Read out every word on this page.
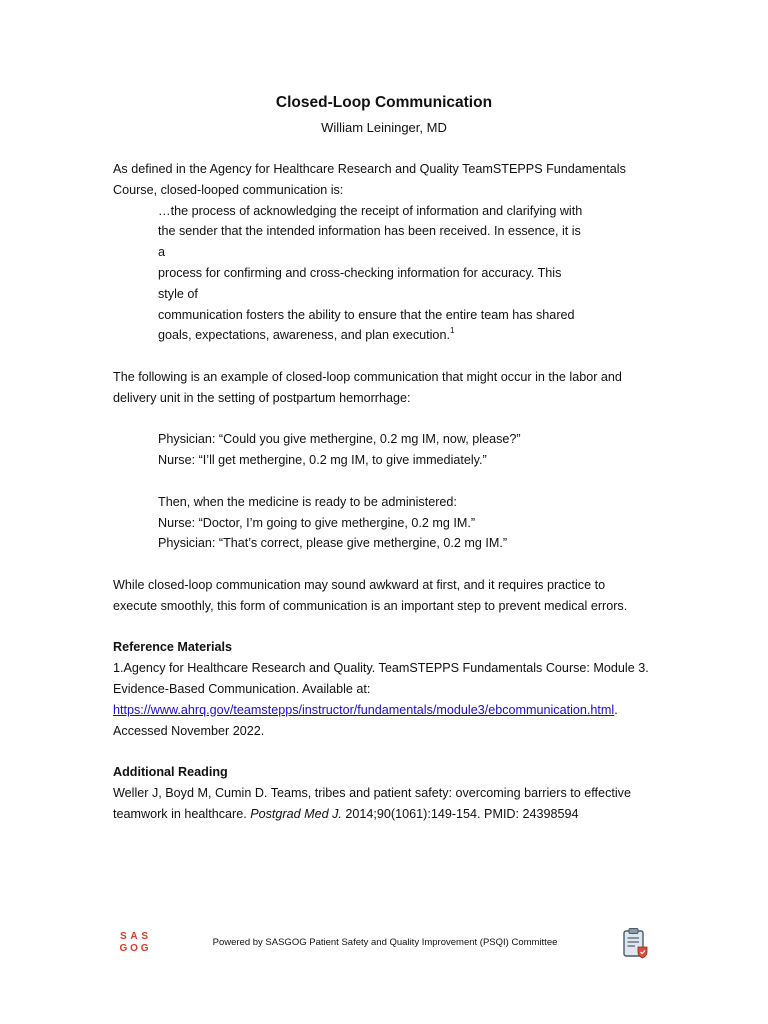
Closed-Loop Communication
William Leininger, MD

As defined in the Agency for Healthcare Research and Quality TeamSTEPPS Fundamentals

Course, closed-looped communication is:

…the process of acknowledging the receipt of information and clarifying with

the sender that the intended information has been received. In essence, it is a

process for confirming and cross-checking information for accuracy. This style of

communication fosters the ability to ensure that the entire team has shared

goals, expectations, awareness, and plan execution.$^1$

The following is an example of closed-loop communication that might occur in the labor and

delivery unit in the setting of postpartum hemorrhage:

Physician: “Could you give methergine, 0.2 mg IM, now, please?”

Nurse: “I’ll get methergine, 0.2 mg IM, to give immediately.”

Then, when the medicine is ready to be administered:

Nurse: “Doctor, I’m going to give methergine, 0.2 mg IM.”

Physician: “That’s correct, please give methergine, 0.2 mg IM.”

While closed-loop communication may sound awkward at first, and it requires practice to

execute smoothly, this form of communication is an important step to prevent medical errors.

Reference Materials

1.Agency for Healthcare Research and Quality. TeamSTEPPS Fundamentals Course: Module 3.

Evidence-Based Communication. Available at:

https://www.ahrq.gov/teamstepps/instructor/fundamentals/module3/ebcommunication.html.

Accessed November 2022.

Additional Reading

Weller J, Boyd M, Cumin D. Teams, tribes and patient safety: overcoming barriers to effective

teamwork in healthcare. Postgrad Med J. 2014;90(1061):149-154. PMID: 24398594

S A S
G O G
Powered by SASGOG Patient Safety and Quality Improvement (PSQI) Committee
